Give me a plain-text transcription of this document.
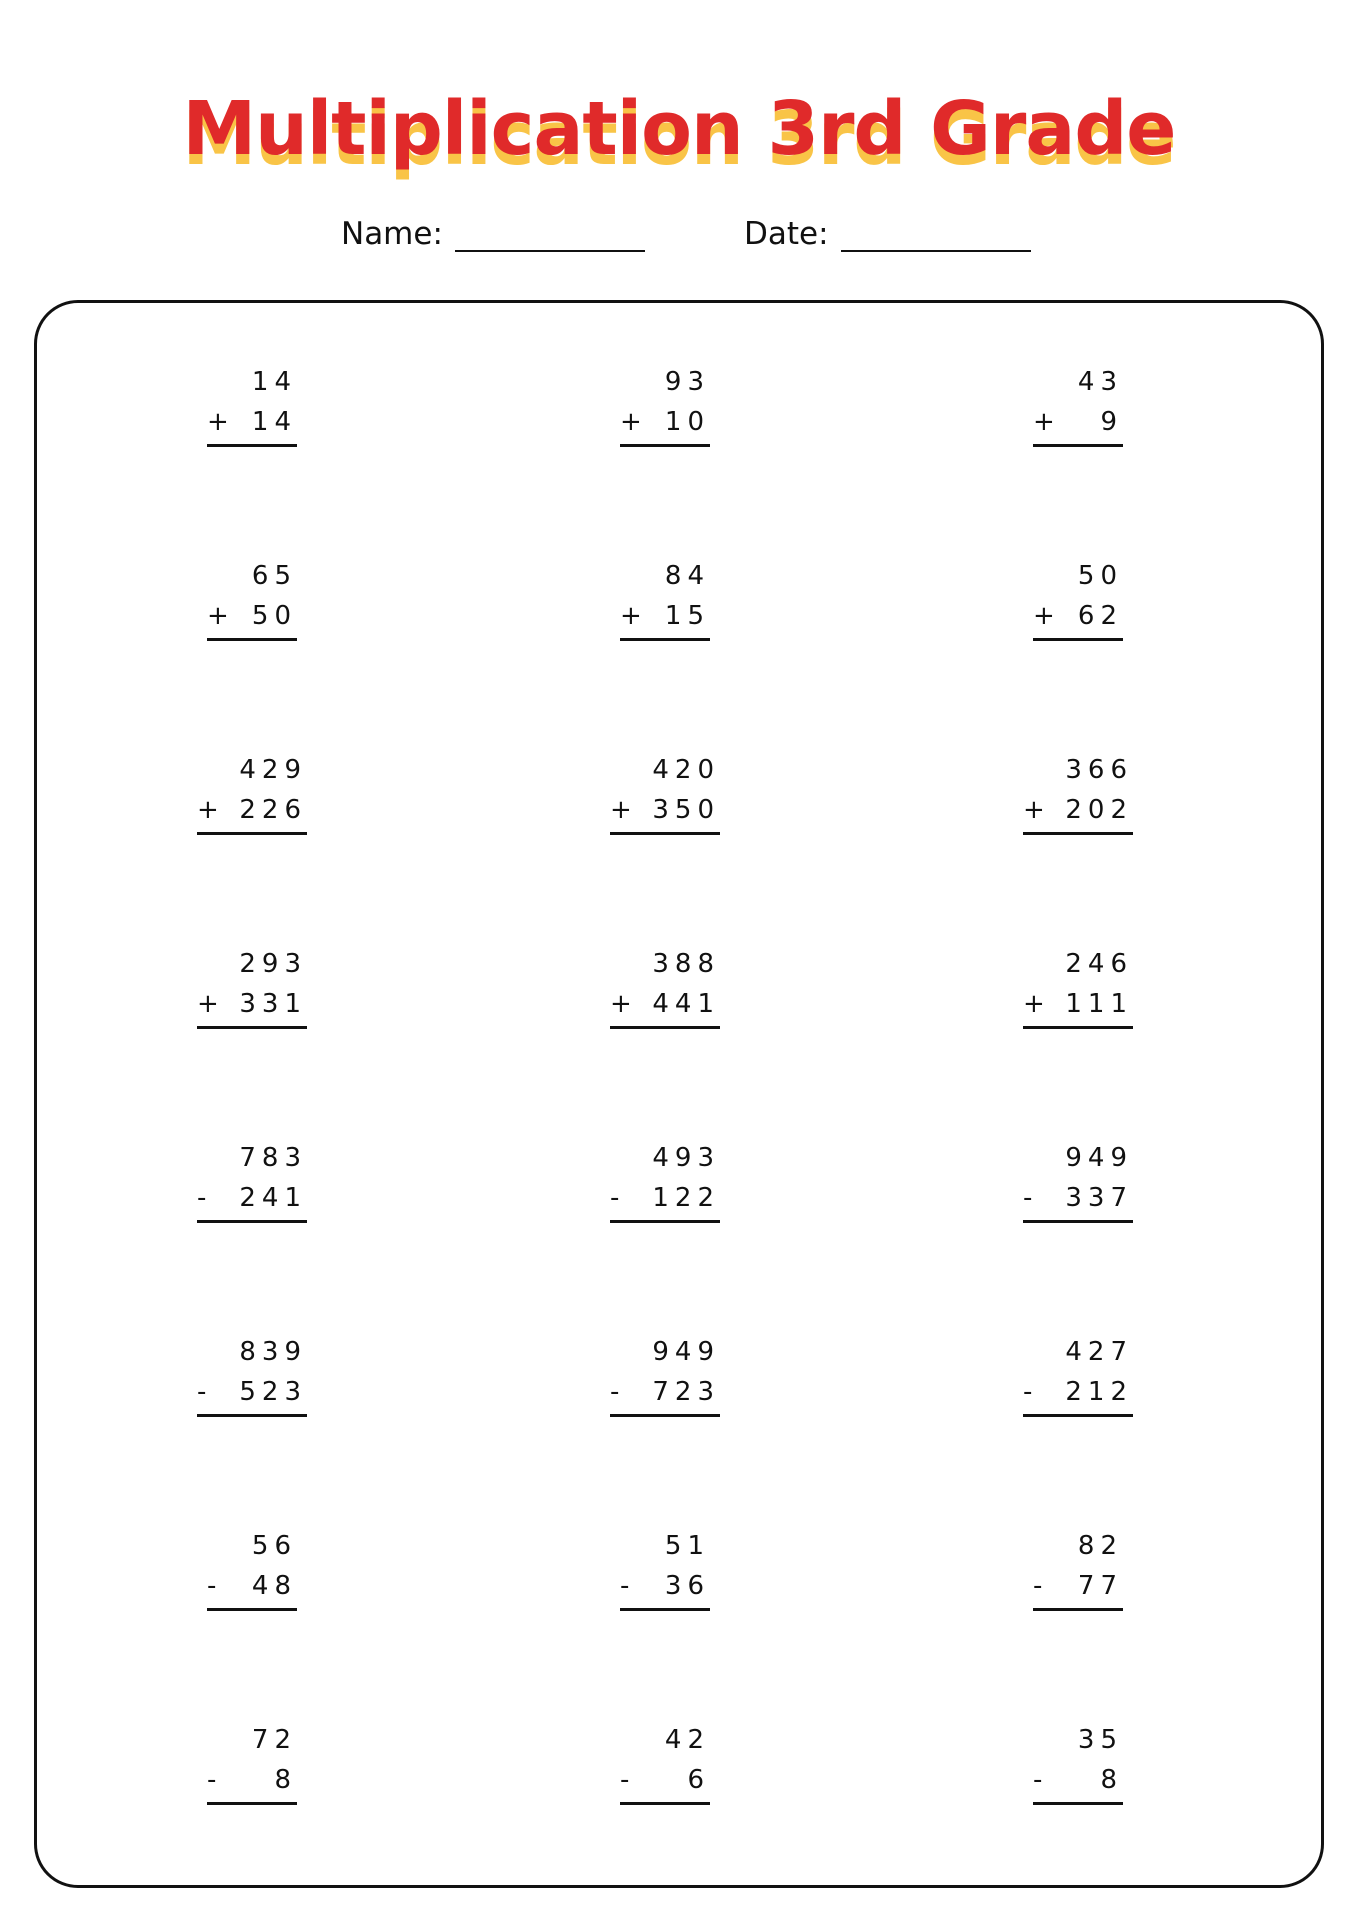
Multiplication 3rd Grade
Name:	Date:
14
+ 14
93
+ 10
43
+ 9
65
+ 50
84
+ 15
50
+ 62
429
+ 226
420
+ 350
366
+ 202
293
+ 331
388
+ 441
246
+ 111
783
- 241
493
- 122
949
- 337
839
- 523
949
- 723
427
- 212
56
- 48
51
- 36
82
- 77
72
- 8
42
- 6
35
- 8
